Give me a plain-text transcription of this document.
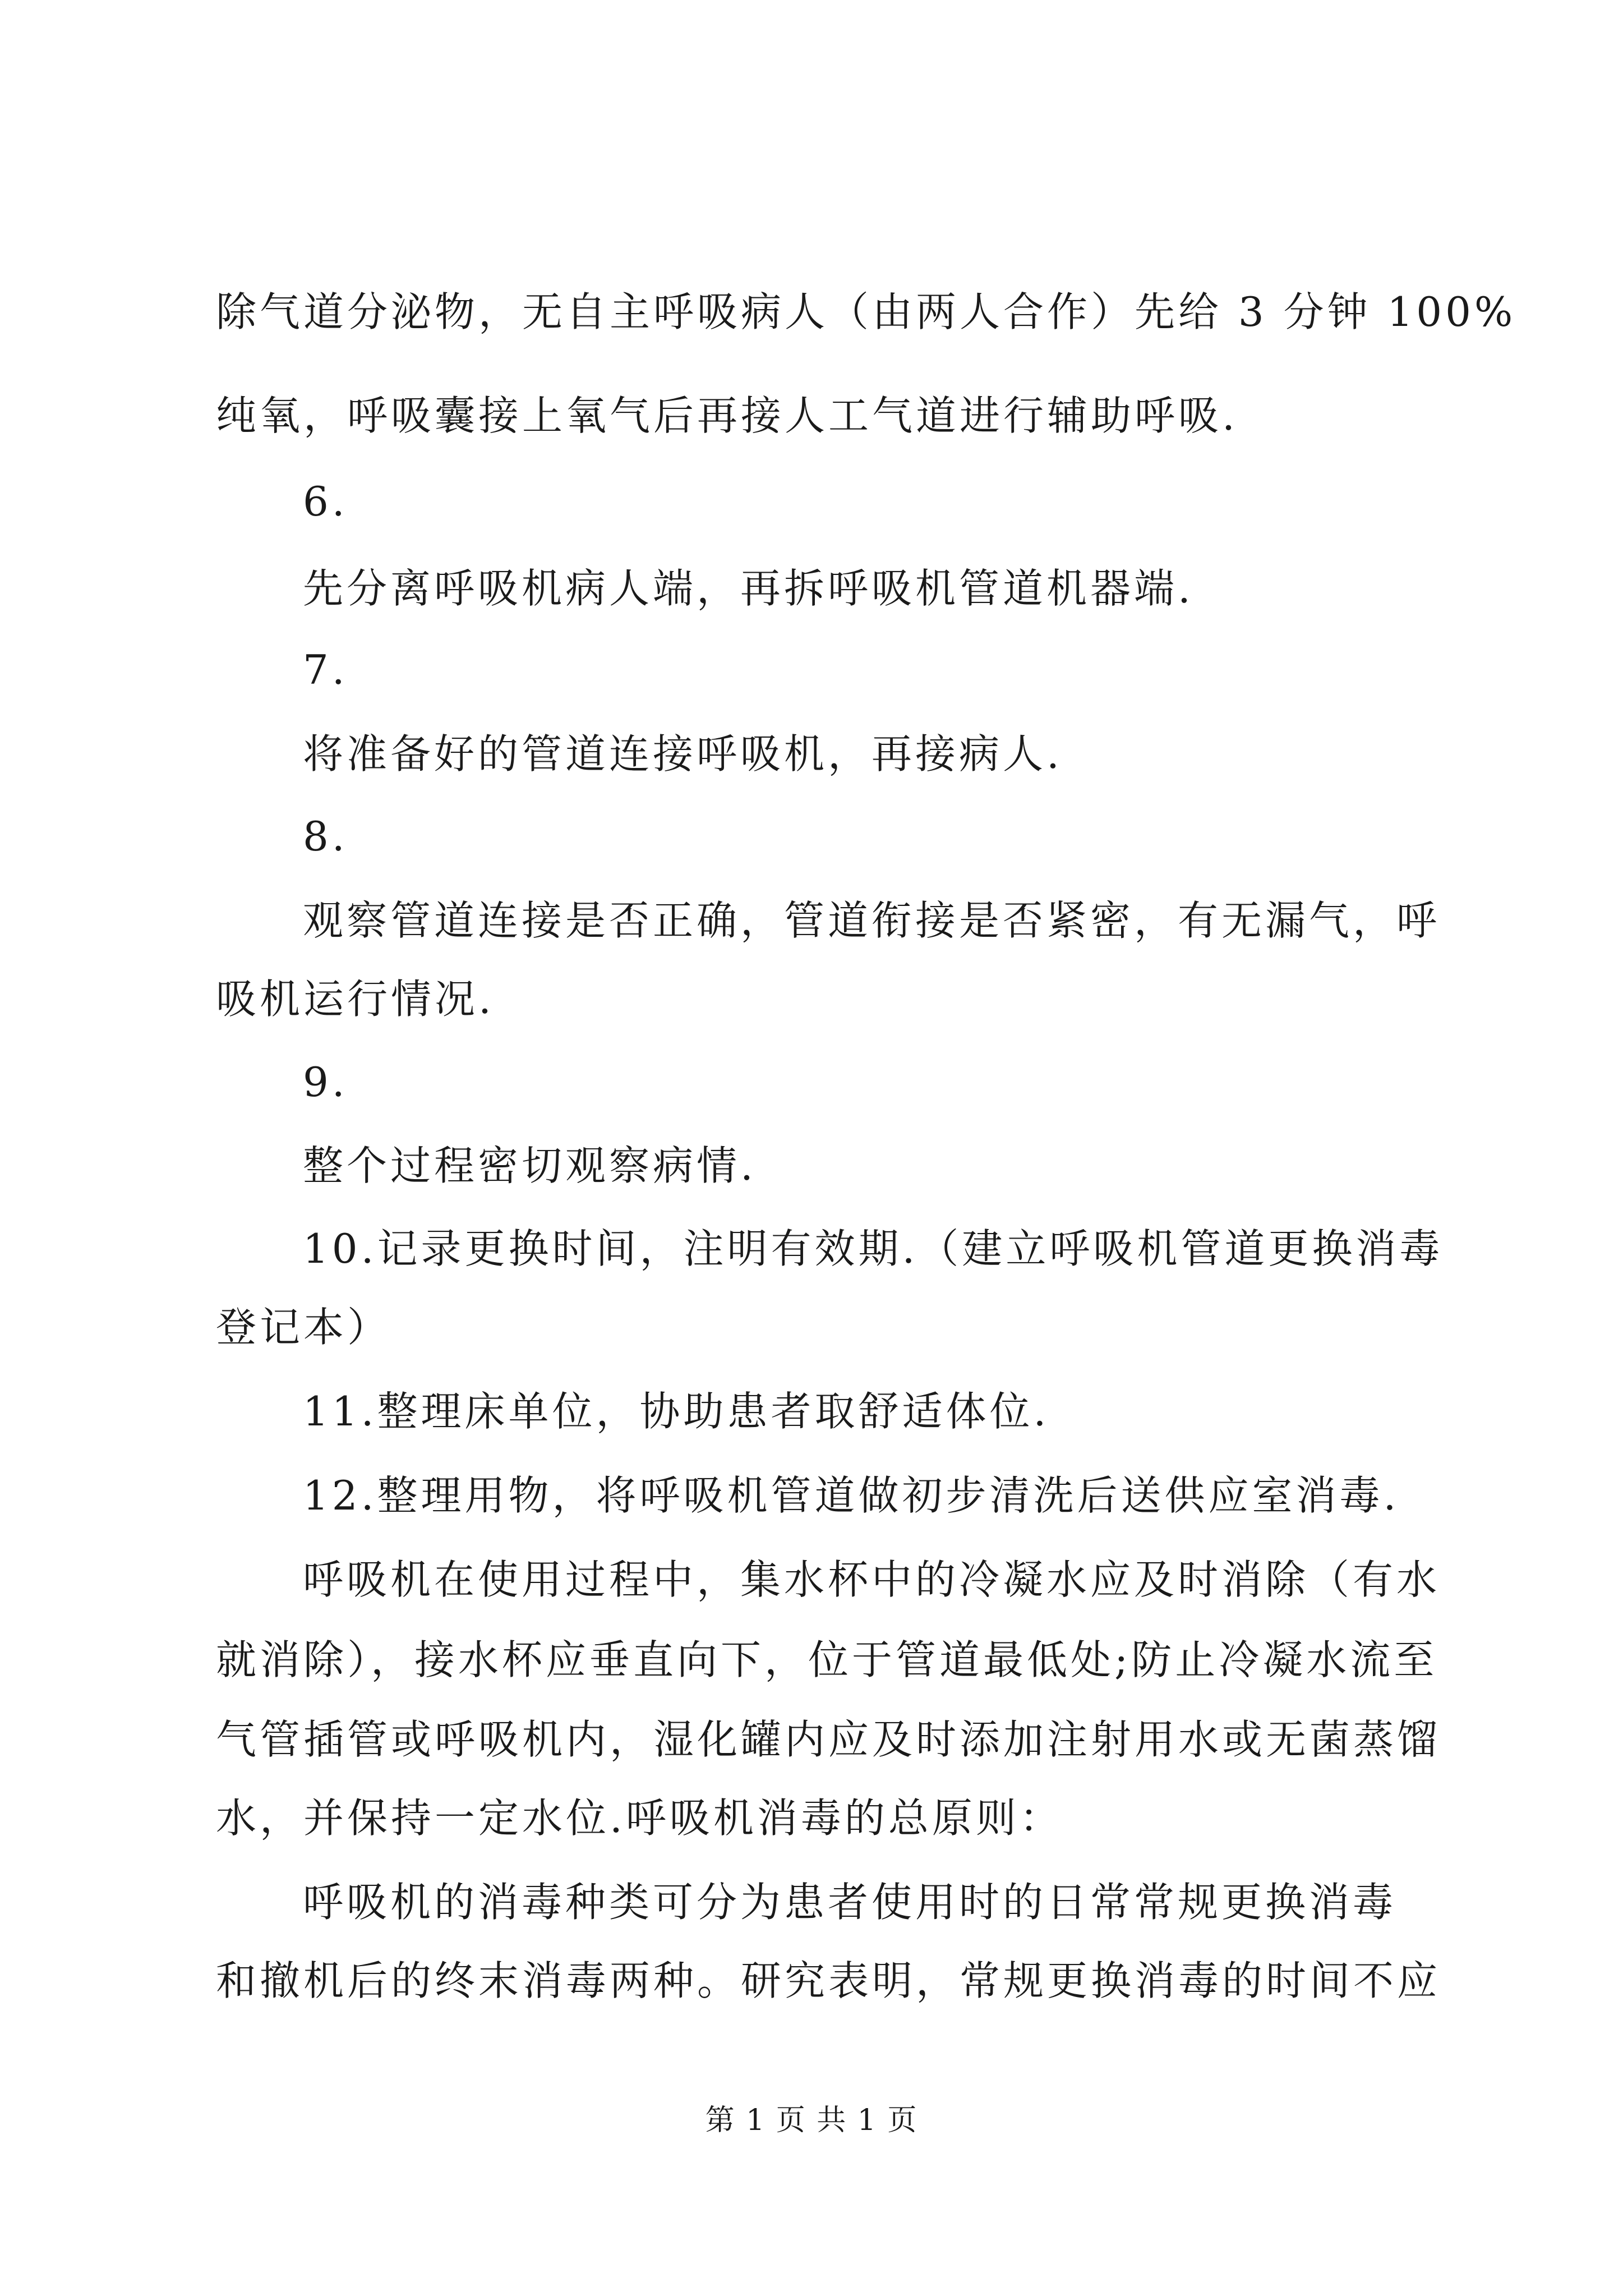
除气道分泌物，无自主呼吸病人（由两人合作）先给 3 分钟 100%
纯氧，呼吸囊接上氧气后再接人工气道进行辅助呼吸.
6.
先分离呼吸机病人端，再拆呼吸机管道机器端.
7.
将准备好的管道连接呼吸机，再接病人.
8.
观察管道连接是否正确，管道衔接是否紧密，有无漏气，呼
吸机运行情况.
9.
整个过程密切观察病情.
10.记录更换时间，注明有效期.（建立呼吸机管道更换消毒
登记本）
11.整理床单位，协助患者取舒适体位.
12.整理用物，将呼吸机管道做初步清洗后送供应室消毒.
呼吸机在使用过程中，集水杯中的冷凝水应及时消除（有水
就消除），接水杯应垂直向下，位于管道最低处;防止冷凝水流至
气管插管或呼吸机内，湿化罐内应及时添加注射用水或无菌蒸馏
水，并保持一定水位.呼吸机消毒的总原则：
呼吸机的消毒种类可分为患者使用时的日常常规更换消毒
和撤机后的终末消毒两种。研究表明，常规更换消毒的时间不应
第 1 页 共 1 页
